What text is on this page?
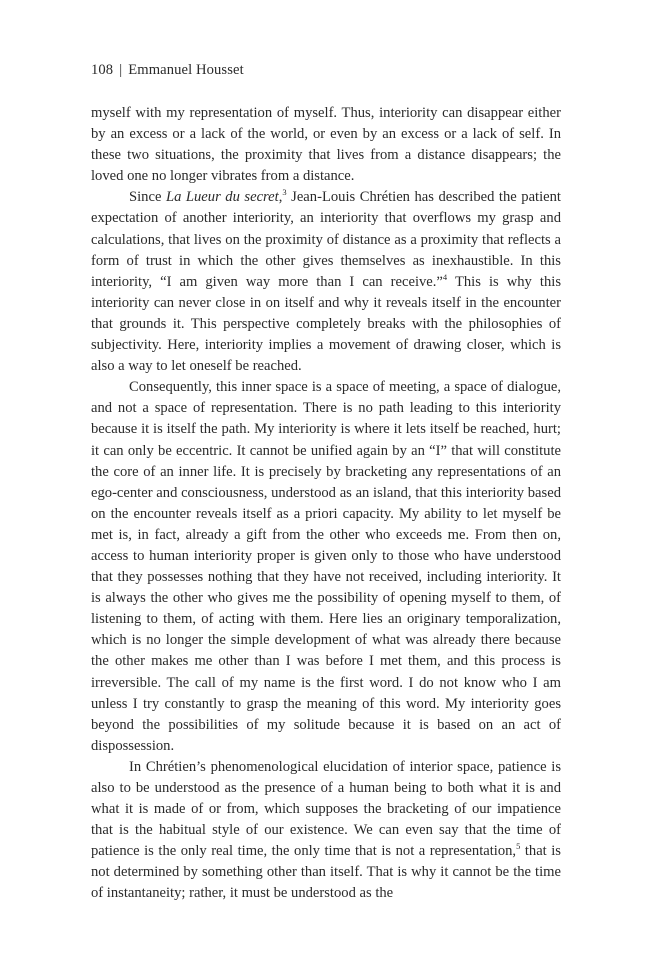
108 | Emmanuel Housset

myself with my representation of myself. Thus, interiority can disappear either by an excess or a lack of the world, or even by an excess or a lack of self. In these two situations, the proximity that lives from a distance disappears; the loved one no longer vibrates from a distance.

Since La Lueur du secret,$^3$ Jean-Louis Chrétien has described the patient expectation of another interiority, an interiority that overflows my grasp and calculations, that lives on the proximity of distance as a proximity that reflects a form of trust in which the other gives themselves as inexhaustible. In this interiority, “I am given way more than I can receive.”$^4$ This is why this interiority can never close in on itself and why it reveals itself in the encounter that grounds it. This perspective completely breaks with the philosophies of subjectivity. Here, interiority implies a movement of drawing closer, which is also a way to let oneself be reached.

Consequently, this inner space is a space of meeting, a space of dialogue, and not a space of representation. There is no path leading to this interiority because it is itself the path. My interiority is where it lets itself be reached, hurt; it can only be eccentric. It cannot be unified again by an “I” that will constitute the core of an inner life. It is precisely by bracketing any representations of an ego-center and consciousness, understood as an island, that this interiority based on the encounter reveals itself as a priori capacity. My ability to let myself be met is, in fact, already a gift from the other who exceeds me. From then on, access to human interiority proper is given only to those who have understood that they possesses nothing that they have not received, including interiority. It is always the other who gives me the possibility of opening myself to them, of listening to them, of acting with them. Here lies an originary temporalization, which is no longer the simple development of what was already there because the other makes me other than I was before I met them, and this process is irreversible. The call of my name is the first word. I do not know who I am unless I try constantly to grasp the meaning of this word. My interiority goes beyond the possibilities of my solitude because it is based on an act of dispossession.

In Chrétien’s phenomenological elucidation of interior space, patience is also to be understood as the presence of a human being to both what it is and what it is made of or from, which supposes the bracketing of our impatience that is the habitual style of our existence. We can even say that the time of patience is the only real time, the only time that is not a representation,$^5$ that is not determined by something other than itself. That is why it cannot be the time of instantaneity; rather, it must be understood as the
